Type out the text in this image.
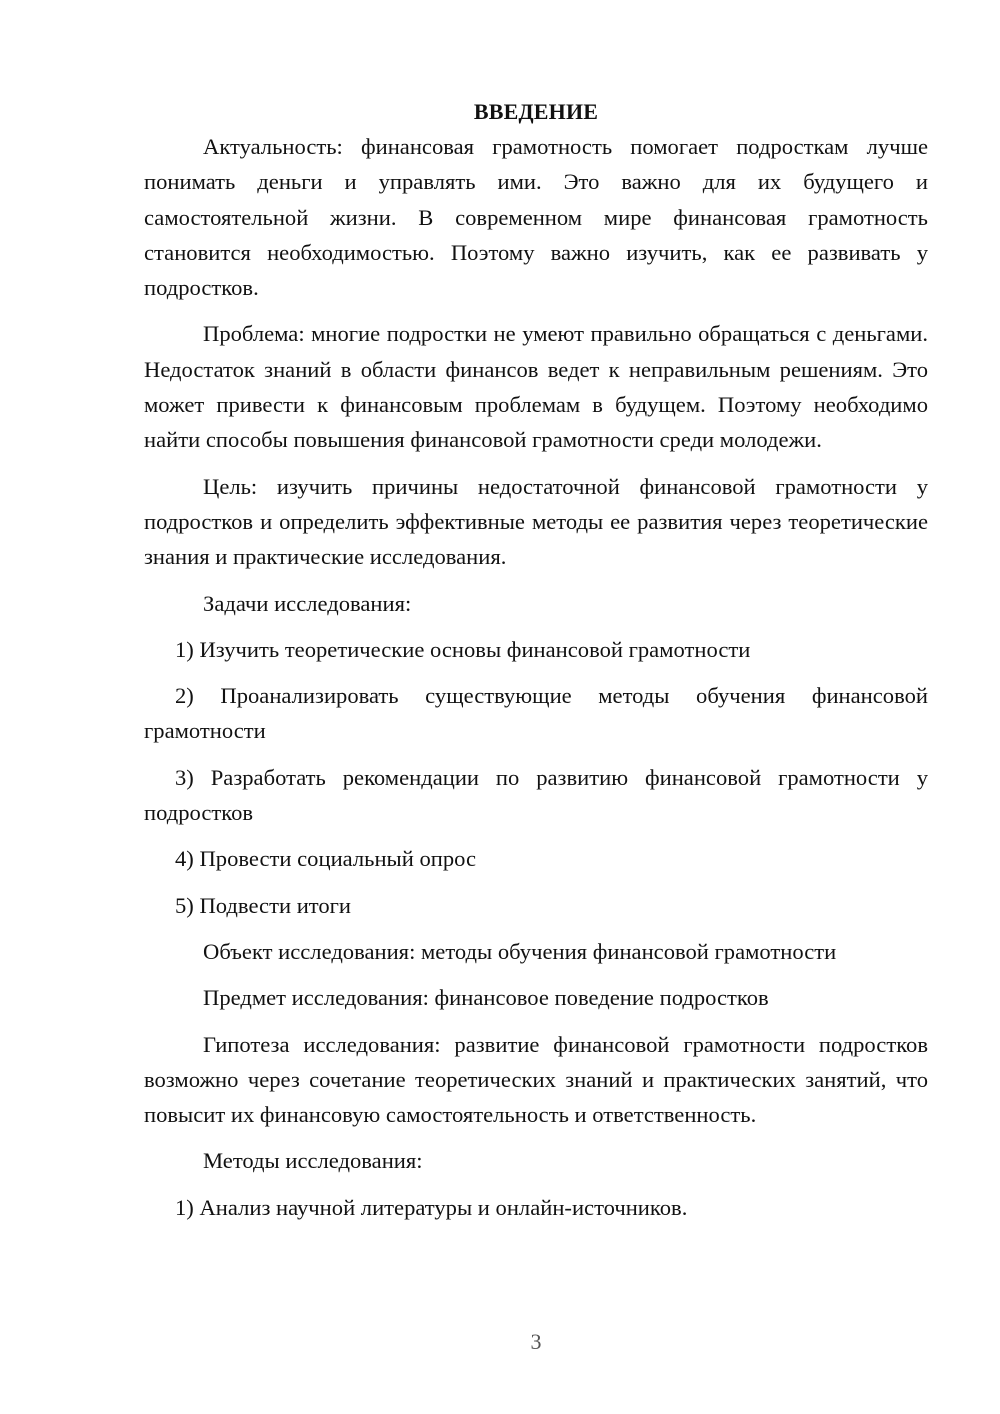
ВВЕДЕНИЕ

Актуальность: финансовая грамотность помогает подросткам лучше понимать деньги и управлять ими. Это важно для их будущего и самостоятельной жизни. В современном мире финансовая грамотность становится необходимостью. Поэтому важно изучить, как ее развивать у подростков.

Проблема: многие подростки не умеют правильно обращаться с деньгами. Недостаток знаний в области финансов ведет к неправильным решениям. Это может привести к финансовым проблемам в будущем. Поэтому необходимо найти способы повышения финансовой грамотности среди молодежи.

Цель: изучить причины недостаточной финансовой грамотности у подростков и определить эффективные методы ее развития через теоретические знания и практические исследования.

Задачи исследования:

1) Изучить теоретические основы финансовой грамотности

2) Проанализировать существующие методы обучения финансовой грамотности

3) Разработать рекомендации по развитию финансовой грамотности у подростков

4) Провести социальный опрос

5) Подвести итоги

Объект исследования: методы обучения финансовой грамотности

Предмет исследования: финансовое поведение подростков

Гипотеза исследования: развитие финансовой грамотности подростков возможно через сочетание теоретических знаний и практических занятий, что повысит их финансовую самостоятельность и ответственность.

Методы исследования:

1) Анализ научной литературы и онлайн-источников.

3
